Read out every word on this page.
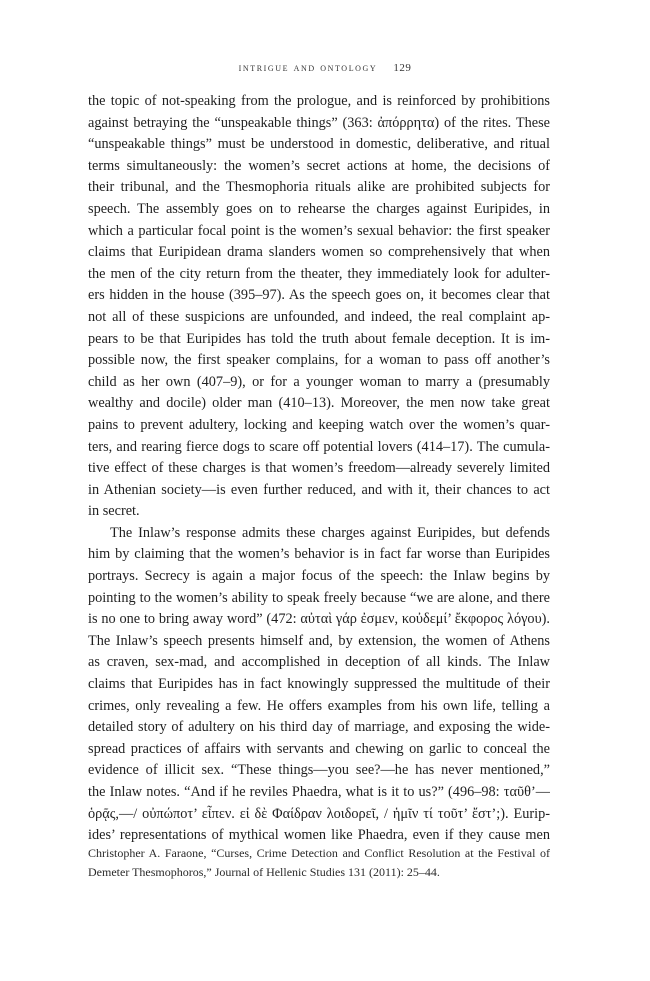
intrigue and ontology 129
the topic of not-speaking from the prologue, and is reinforced by prohibitions
against betraying the “unspeakable things” (363: ἀπόρρητα) of the rites. These
“unspeakable things” must be understood in domestic, deliberative, and ritual
terms simultaneously: the women’s secret actions at home, the decisions of
their tribunal, and the Thesmophoria rituals alike are prohibited subjects for
speech. The assembly goes on to rehearse the charges against Euripides, in
which a particular focal point is the women’s sexual behavior: the first speaker
claims that Euripidean drama slanders women so comprehensively that when
the men of the city return from the theater, they immediately look for adulter-
ers hidden in the house (395–97). As the speech goes on, it becomes clear that
not all of these suspicions are unfounded, and indeed, the real complaint ap-
pears to be that Euripides has told the truth about female deception. It is im-
possible now, the first speaker complains, for a woman to pass off another’s
child as her own (407–9), or for a younger woman to marry a (presumably
wealthy and docile) older man (410–13). Moreover, the men now take great
pains to prevent adultery, locking and keeping watch over the women’s quar-
ters, and rearing fierce dogs to scare off potential lovers (414–17). The cumula-
tive effect of these charges is that women’s freedom—already severely limited
in Athenian society—is even further reduced, and with it, their chances to act
in secret.
The Inlaw’s response admits these charges against Euripides, but defends
him by claiming that the women’s behavior is in fact far worse than Euripides
portrays. Secrecy is again a major focus of the speech: the Inlaw begins by
pointing to the women’s ability to speak freely because “we are alone, and there
is no one to bring away word” (472: αὐταὶ γάρ ἐσμεν, κοὐδεμί’ ἔκφορος λόγου).
The Inlaw’s speech presents himself and, by extension, the women of Athens
as craven, sex-mad, and accomplished in deception of all kinds. The Inlaw
claims that Euripides has in fact knowingly suppressed the multitude of their
crimes, only revealing a few. He offers examples from his own life, telling a
detailed story of adultery on his third day of marriage, and exposing the wide-
spread practices of affairs with servants and chewing on garlic to conceal the
evidence of illicit sex. “These things—you see?—he has never mentioned,”
the Inlaw notes. “And if he reviles Phaedra, what is it to us?” (496–98: ταῦθ’—
ὁρᾷς,—/ οὐπώποτ’ εἶπεν. εἰ δὲ Φαίδραν λοιδορεῖ, / ἡμῖν τί τοῦτ’ ἔστ’;). Eurip-
ides’ representations of mythical women like Phaedra, even if they cause men
Christopher A. Faraone, “Curses, Crime Detection and Conflict Resolution at the Festival of
Demeter Thesmophoros,” Journal of Hellenic Studies 131 (2011): 25–44.
